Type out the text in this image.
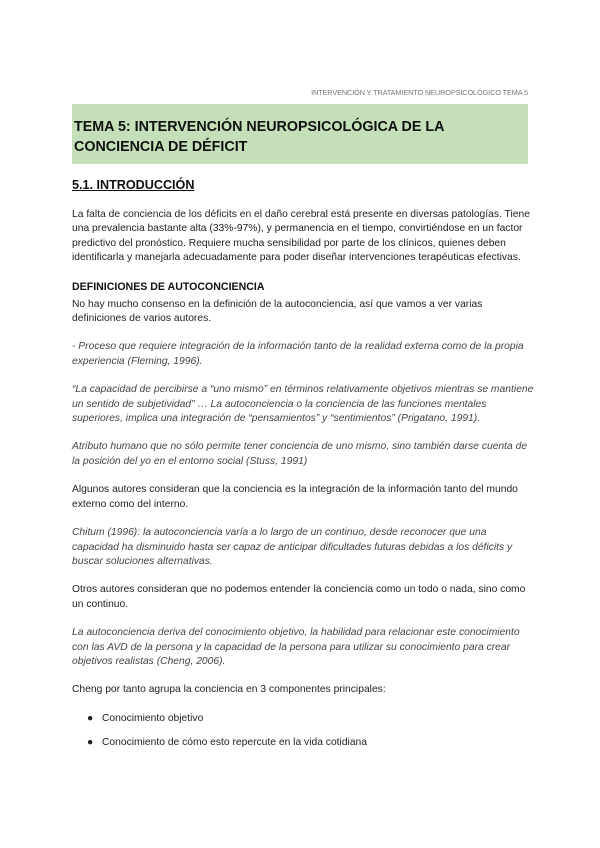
INTERVENCIÓN Y TRATAMIENTO NEUROPSICOLÓGICO TEMA 5
TEMA 5: INTERVENCIÓN NEUROPSICOLÓGICA DE LA CONCIENCIA DE DÉFICIT
5.1. INTRODUCCIÓN

La falta de conciencia de los déficits en el daño cerebral está presente en diversas patologías. Tiene una prevalencia bastante alta (33%-97%), y permanencia en el tiempo, convirtiéndose en un factor predictivo del pronóstico. Requiere mucha sensibilidad por parte de los clínicos, quienes deben identificarla y manejarla adecuadamente para poder diseñar intervenciones terapéuticas efectivas.

DEFINICIONES DE AUTOCONCIENCIA

No hay mucho consenso en la definición de la autoconciencia, así que vamos a ver varias definiciones de varios autores.

- Proceso que requiere integración de la información tanto de la realidad externa como de la propia experiencia (Fleming, 1996).

“La capacidad de percibirse a “uno mismo” en términos relativamente objetivos mientras se mantiene un sentido de subjetividad” … La autoconciencia o la conciencia de las funciones mentales superiores, implica una integración de “pensamientos” y “sentimientos” (Prigatano, 1991).

Atributo humano que no sólo permite tener conciencia de uno mismo, sino también darse cuenta de la posición del yo en el entorno social (Stuss, 1991)

Algunos autores consideran que la conciencia es la integración de la información tanto del mundo externo como del interno.

Chitum (1996): la autoconciencia varía a lo largo de un continuo, desde reconocer que una capacidad ha disminuido hasta ser capaz de anticipar dificultades futuras debidas a los déficits y buscar soluciones alternativas.

Otros autores consideran que no podemos entender la conciencia como un todo o nada, sino como un continuo.

La autoconciencia deriva del conocimiento objetivo, la habilidad para relacionar este conocimiento con las AVD de la persona y la capacidad de la persona para utilizar su conocimiento para crear objetivos realistas (Cheng, 2006).

Cheng por tanto agrupa la conciencia en 3 componentes principales:

● Conocimiento objetivo
● Conocimiento de cómo esto repercute en la vida cotidiana
